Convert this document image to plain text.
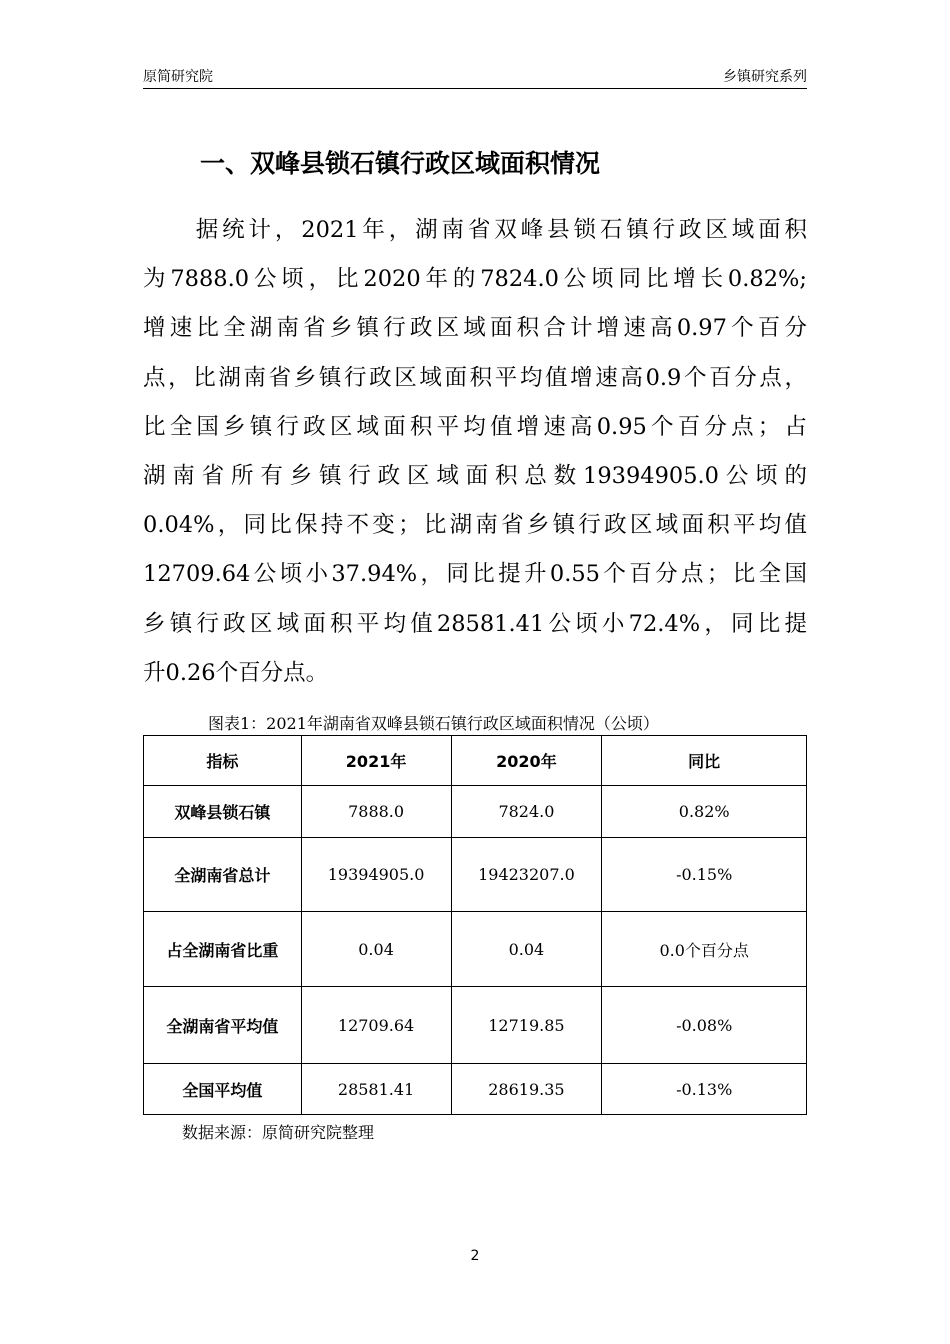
原简研究院	乡镇研究系列
一、双峰县锁石镇行政区域面积情况
　　据统计，2021年，湖南省双峰县锁石镇行政区域面积
为7888.0公顷，比2020年的7824.0公顷同比增长0.82%;
增速比全湖南省乡镇行政区域面积合计增速高0.97个百分
点，比湖南省乡镇行政区域面积平均值增速高0.9个百分点，
比全国乡镇行政区域面积平均值增速高0.95个百分点；占
湖南省所有乡镇行政区域面积总数19394905.0公顷的
0.04%，同比保持不变；比湖南省乡镇行政区域面积平均值
12709.64公顷小37.94%，同比提升0.55个百分点；比全国
乡镇行政区域面积平均值28581.41公顷小72.4%，同比提
升0.26个百分点。
图表1：2021年湖南省双峰县锁石镇行政区域面积情况（公顷）
指标	2021年	2020年	同比
双峰县锁石镇	7888.0	7824.0	0.82%
全湖南省总计	19394905.0	19423207.0	-0.15%
占全湖南省比重	0.04	0.04	0.0个百分点
全湖南省平均值	12709.64	12719.85	-0.08%
全国平均值	28581.41	28619.35	-0.13%
数据来源：原简研究院整理
2
